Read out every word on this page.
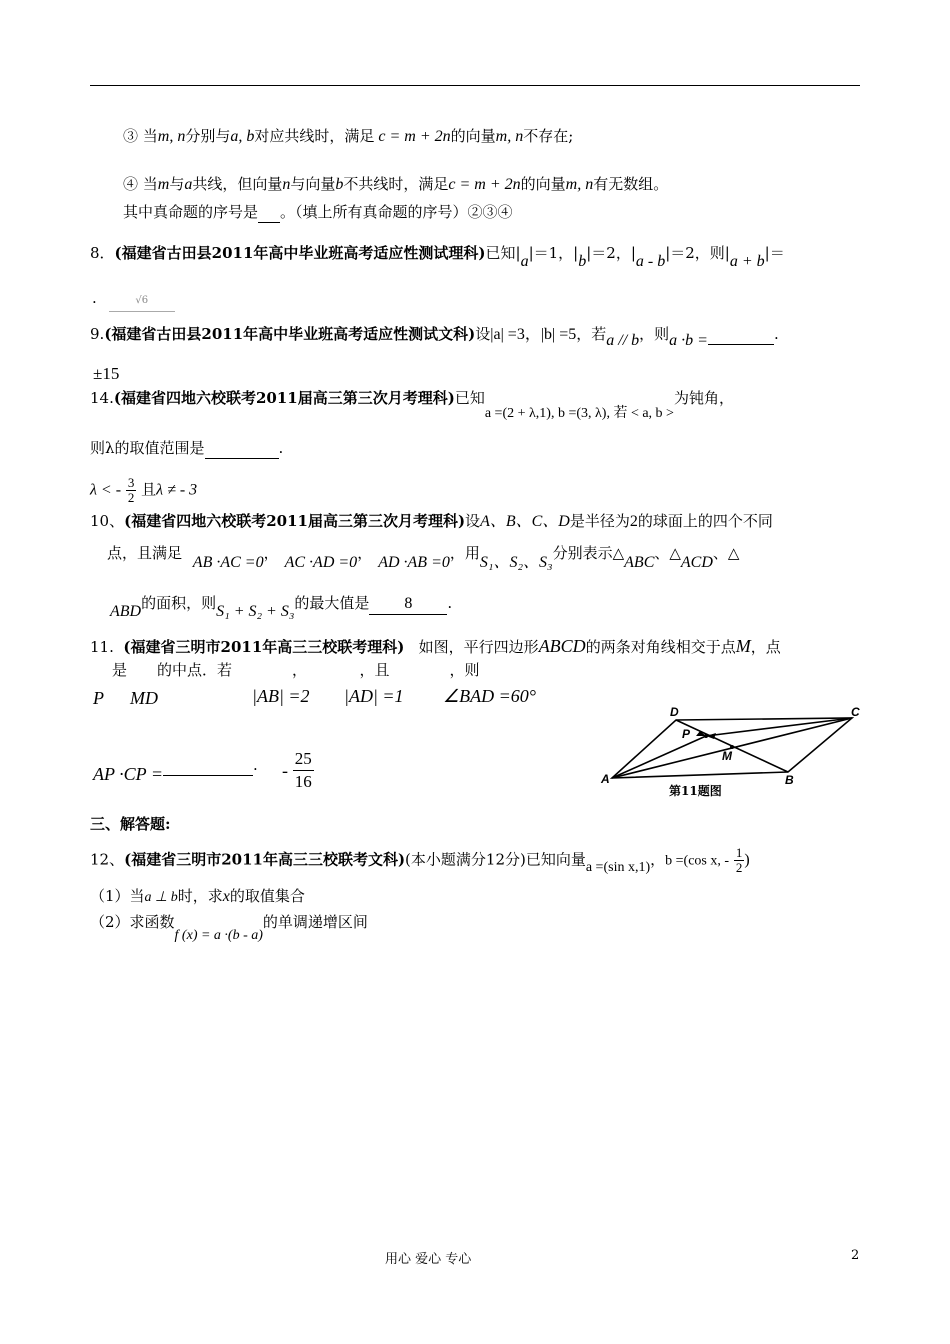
③ 当m, n分别与a, b对应共线时，满足 c = m + 2n的向量m, n不存在;
④ 当m与a共线，但向量n与向量b不共线时，满足c = m + 2n的向量m, n有无数组。
其中真命题的序号是 。（填上所有真命题的序号）②③④
8．(福建省古田县2011年高中毕业班高考适应性测试理科)已知|a|＝1，|b|＝2，|a - b|＝2，则|a + b|＝
.	√6
9.(福建省古田县2011年高中毕业班高考适应性测试文科)设|a| =3，|b| =5，若a // b，则a ·b =	.
±15
14.(福建省四地六校联考2011届高三第三次月考理科)已知a =(2 + λ,1), b =(3, λ), 若 < a, b >为钝角，
则λ的取值范围是	.
λ < - $\frac{3}{2}$ 且λ ≠ - 3
10、(福建省四地六校联考2011届高三第三次月考理科)设A、B、C、D是半径为2的球面上的四个不同
点，且满足 AB ·AC =0，AC ·AD =0，AD ·AB =0，用S₁、S₂、S₃分别表示△ABC、△ACD、△
ABD的面积，则S₁ + S₂ + S₃的最大值是 8 .
11. (福建省三明市2011年高三三校联考理科) 如图，平行四边形ABCD的两条对角线相交于点M，点
是　　的中点．若　　　　，　　　　，且　　　　，则
P MD	|AB| =2 |AD| =1 ∠BAD =60°
AP ·CP =	. - $\frac{25}{16}$	A	B
C
D
P
M
第11题图
三、解答题:
12、(福建省三明市2011年高三三校联考文科)(本小题满分12分)已知向量a =(sin x,1)，b =(cos x, - $\frac{1}{2}$ )
（1）当a ⊥ b时，求x的取值集合
（2）求函数f (x) = a ·(b - a)的单调递增区间
用心 爱心 专心	2
